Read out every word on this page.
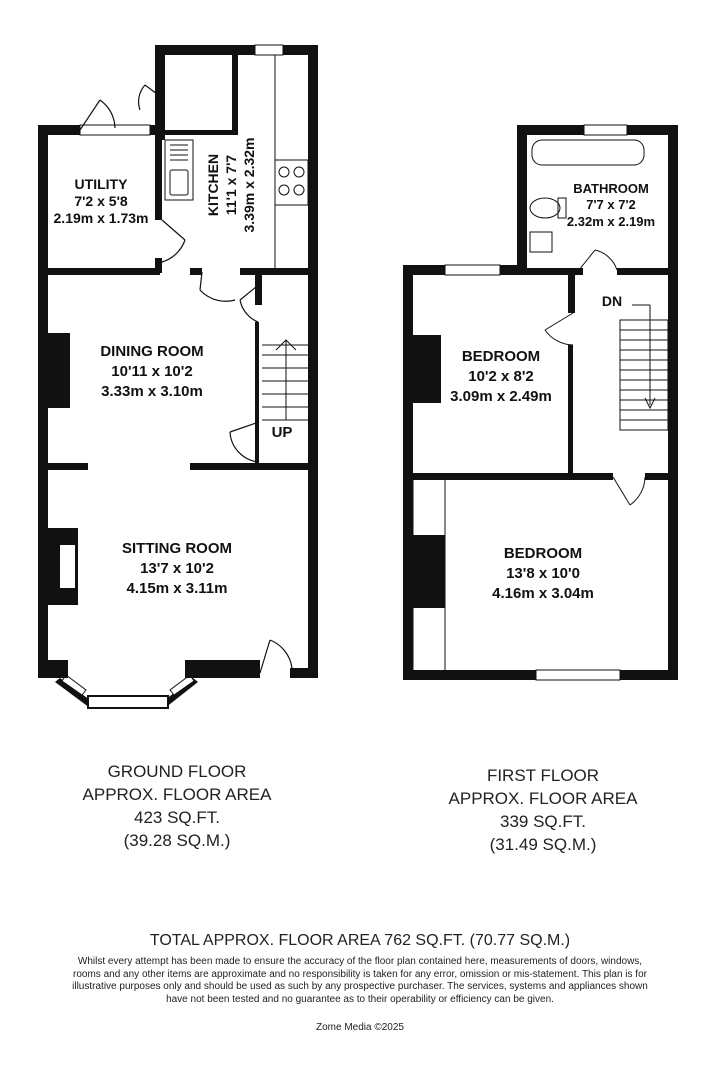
UTILITY
7'2 x 5'8
2.19m x 1.73m
KITCHEN 11'1 x 7'7 3.39m x 2.32m
DINING ROOM
10'11 x 10'2
3.33m x 3.10m
SITTING ROOM
13'7 x 10'2
4.15m x 3.11m
UP
BATHROOM
7'7 x 7'2
2.32m x 2.19m
BEDROOM
10'2 x 8'2
3.09m x 2.49m
BEDROOM
13'8 x 10'0
4.16m x 3.04m
DN
GROUND FLOOR
APPROX. FLOOR AREA
423 SQ.FT.
(39.28 SQ.M.)
FIRST FLOOR
APPROX. FLOOR AREA
339 SQ.FT.
(31.49 SQ.M.)
TOTAL APPROX. FLOOR AREA 762 SQ.FT. (70.77 SQ.M.)
Whilst every attempt has been made to ensure the accuracy of the floor plan contained here, measurements of doors, windows, rooms and any other items are approximate and no responsibility is taken for any error, omission or mis-statement. This plan is for illustrative purposes only and should be used as such by any prospective purchaser. The services, systems and appliances shown have not been tested and no guarantee as to their operability or efficiency can be given.
Zome Media ©2025
